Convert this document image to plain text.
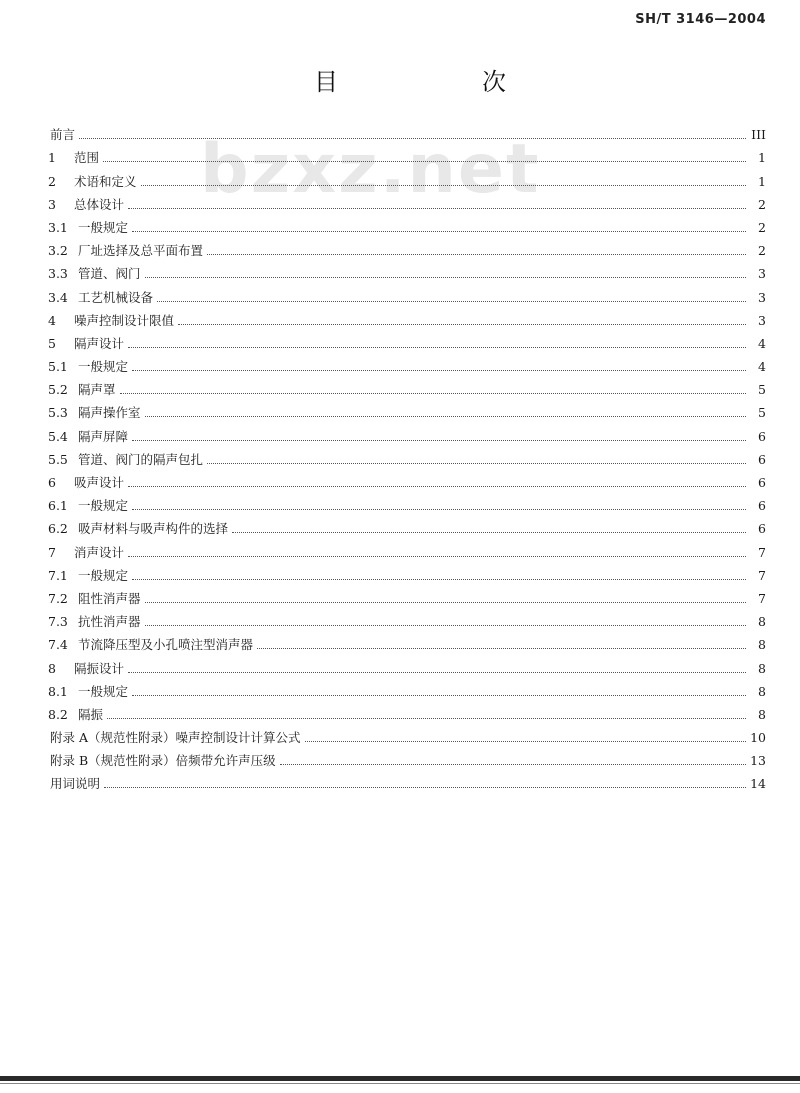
SH/T 3146—2004
目	次
bzxz.net
前言	III
1	范围	1
2	术语和定义	1
3	总体设计	2
3.1 一般规定	2
3.2 厂址选择及总平面布置	2
3.3 管道、阀门	3
3.4 工艺机械设备	3
4	噪声控制设计限值	3
5	隔声设计	4
5.1 一般规定	4
5.2 隔声罩	5
5.3 隔声操作室	5
5.4 隔声屏障	6
5.5 管道、阀门的隔声包扎	6
6	吸声设计	6
6.1 一般规定	6
6.2 吸声材料与吸声构件的选择	6
7	消声设计	7
7.1 一般规定	7
7.2 阻性消声器	7
7.3 抗性消声器	8
7.4 节流降压型及小孔喷注型消声器	8
8	隔振设计	8
8.1 一般规定	8
8.2 隔振	8
附录 A（规范性附录）噪声控制设计计算公式	10
附录 B（规范性附录）倍频带允许声压级	13
用词说明	14
